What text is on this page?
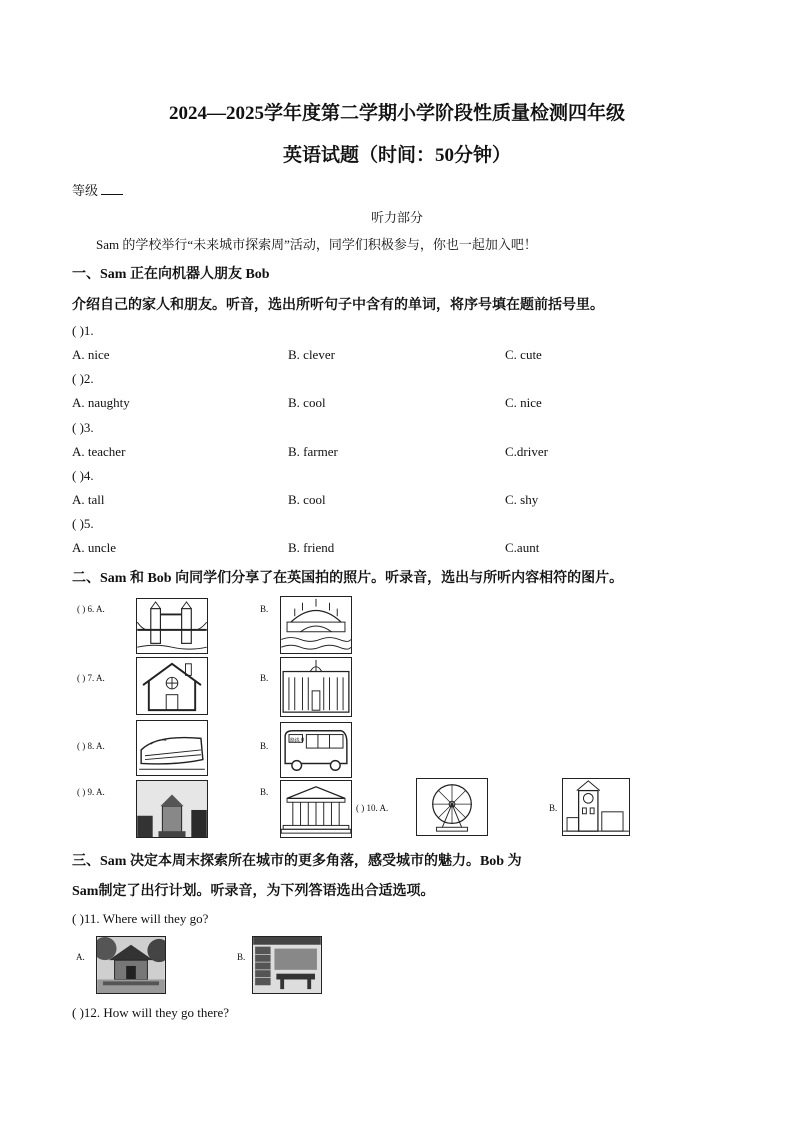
2024—2025学年度第二学期小学阶段性质量检测四年级
英语试题（时间：50分钟）
等级
听力部分
Sam 的学校举行“未来城市探索周”活动，同学们积极参与，你也一起加入吧！
一、Sam 正在向机器人朋友 Bob
介绍自己的家人和朋友。听音，选出所听句子中含有的单词，将序号填在题前括号里。
( )1.
A. nice	B. clever	C. cute
( )2.
A. naughty	B. cool	C. nice
( )3.
A. teacher	B. farmer	C.driver
( )4.
A. tall	B. cool	C. shy
( )5.
A. uncle	B. friend	C.aunt
二、Sam 和 Bob 向同学们分享了在英国拍的照片。听录音，选出与所听内容相符的图片。
( ) 6. A.	B.
( ) 7. A.	B.
( ) 8. A.	B.
路线 0
( ) 9. A.	B.
( ) 10. A.	B.
三、Sam 决定本周末探索所在城市的更多角落，感受城市的魅力。Bob 为
Sam制定了出行计划。听录音，为下列答语选出合适选项。
( )11. Where will they go?
A.	B.
( )12. How will they go there?
